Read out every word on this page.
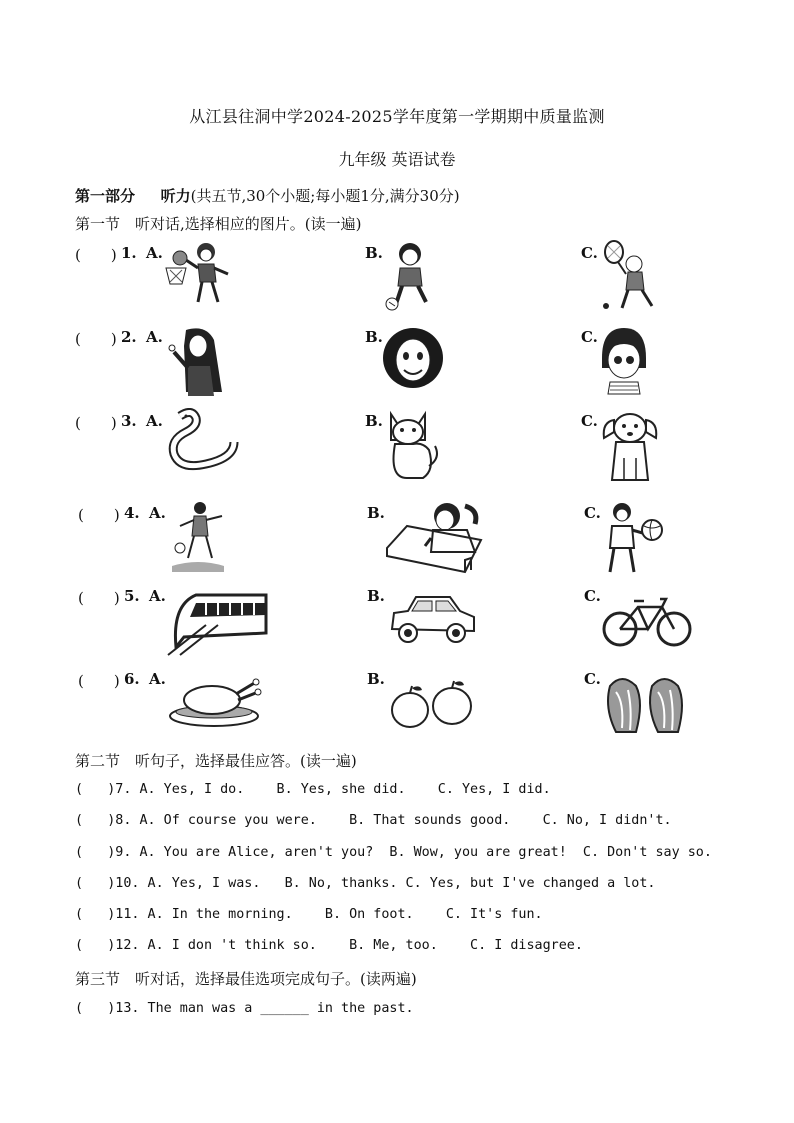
从江县往洞中学2024-2025学年度第一学期期中质量监测
九年级 英语试卷
第一部分 听力(共五节,30个小题;每小题1分,满分30分)
第一节　听对话,选择相应的图片。(读一遍)
(　　) 1. A.	B.	C.
(　　) 2. A.	B.	C.
(　　) 3. A.	B.	C.
(　　) 4. A.	B.	C.
(　　) 5. A.	B.	C.
(　　) 6. A.	B.	C.
第二节　听句子，选择最佳应答。(读一遍)
(   )7. A. Yes, I do.    B. Yes, she did.    C. Yes, I did.
(   )8. A. Of course you were.    B. That sounds good.    C. No, I didn't.
(   )9. A. You are Alice, aren't you?  B. Wow, you are great!  C. Don't say so.
(   )10. A. Yes, I was.   B. No, thanks. C. Yes, but I've changed a lot.
(   )11. A. In the morning.    B. On foot.    C. It's fun.
(   )12. A. I don 't think so.    B. Me, too.    C. I disagree.
第三节　听对话，选择最佳选项完成句子。(读两遍)
(   )13. The man was a ______ in the past.
